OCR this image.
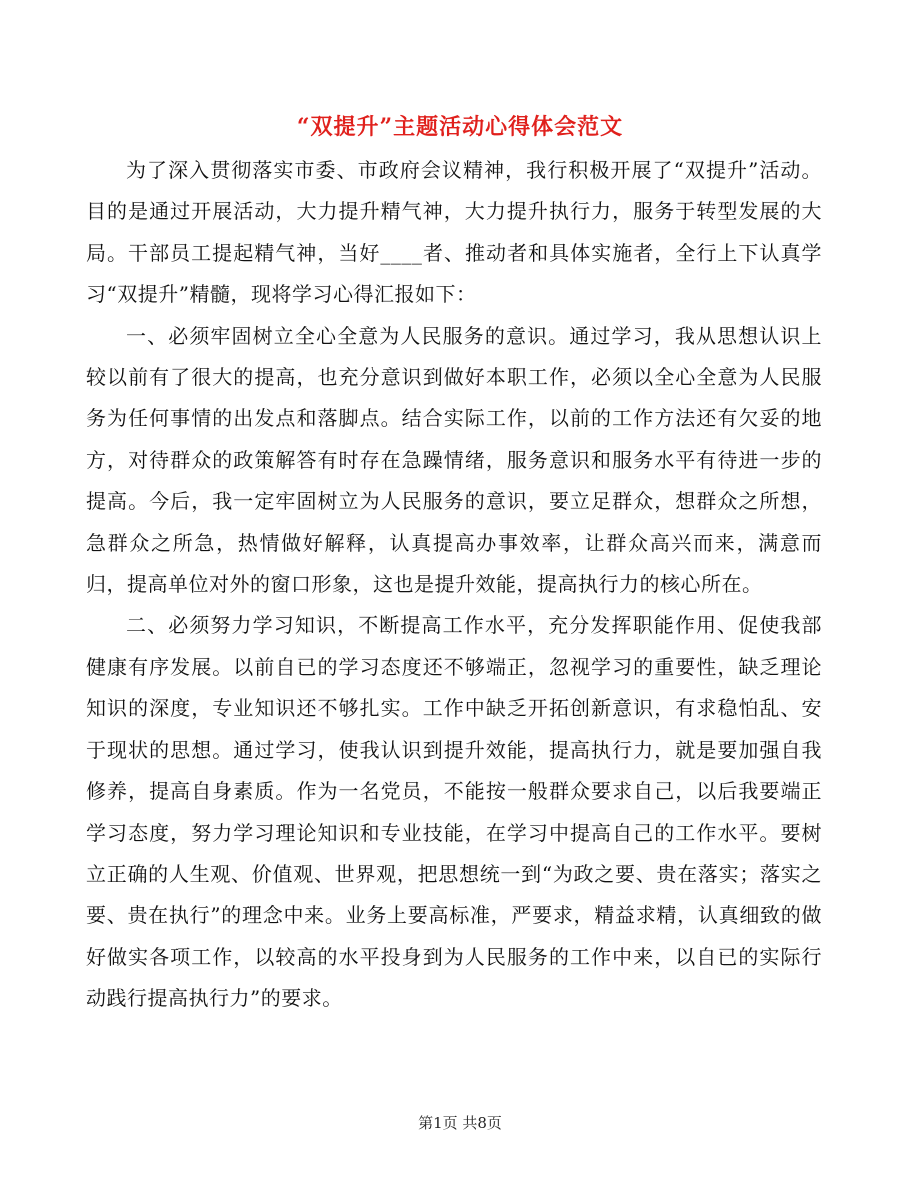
“双提升”主题活动心得体会范文

为了深入贯彻落实市委、市政府会议精神，我行积极开展了“双提升”活动。目的是通过开展活动，大力提升精气神，大力提升执行力，服务于转型发展的大局。干部员工提起精气神，当好____者、推动者和具体实施者，全行上下认真学习“双提升”精髓，现将学习心得汇报如下：

一、必须牢固树立全心全意为人民服务的意识。通过学习，我从思想认识上较以前有了很大的提高，也充分意识到做好本职工作，必须以全心全意为人民服务为任何事情的出发点和落脚点。结合实际工作，以前的工作方法还有欠妥的地方，对待群众的政策解答有时存在急躁情绪，服务意识和服务水平有待进一步的提高。今后，我一定牢固树立为人民服务的意识，要立足群众，想群众之所想，急群众之所急，热情做好解释，认真提高办事效率，让群众高兴而来，满意而归，提高单位对外的窗口形象，这也是提升效能，提高执行力的核心所在。

二、必须努力学习知识，不断提高工作水平，充分发挥职能作用、促使我部健康有序发展。以前自已的学习态度还不够端正，忽视学习的重要性，缺乏理论知识的深度，专业知识还不够扎实。工作中缺乏开拓创新意识，有求稳怕乱、安于现状的思想。通过学习，使我认识到提升效能，提高执行力，就是要加强自我修养，提高自身素质。作为一名党员，不能按一般群众要求自己，以后我要端正学习态度，努力学习理论知识和专业技能，在学习中提高自己的工作水平。要树立正确的人生观、价值观、世界观，把思想统一到“为政之要、贵在落实；落实之要、贵在执行”的理念中来。业务上要高标准，严要求，精益求精，认真细致的做好做实各项工作，以较高的水平投身到为人民服务的工作中来，以自已的实际行动践行提高执行力”的要求。

第1页 共8页
